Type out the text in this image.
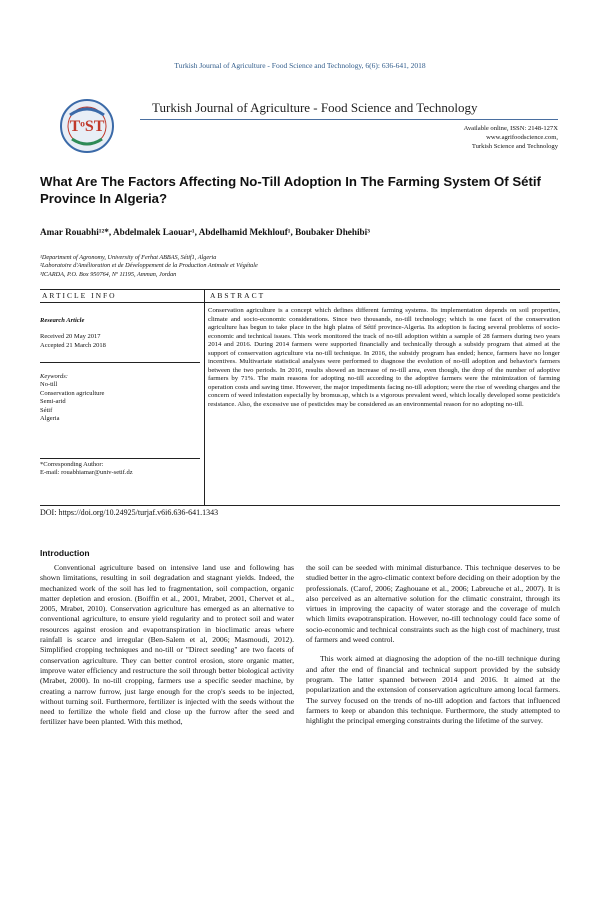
Turkish Journal of Agriculture - Food Science and Technology, 6(6): 636-641, 2018
TᵒST
Turkish Journal of Agriculture - Food Science and Technology
Available online, ISSN: 2148-127X
www.agrifoodscience.com,
Turkish Science and Technology
What Are The Factors Affecting No-Till Adoption In The Farming System Of Sétif Province In Algeria?
Amar Rouabhi¹²*, Abdelmalek Laouar¹, Abdelhamid Mekhlouf¹, Boubaker Dhehibi³
¹Department of Agronomy, University of Ferhat ABBAS, Sétif1, Algeria
²Laboratoire d'Amélioration et de Développement de la Production Animale et Végétale
³ICARDA, P.O. Box 950764, Nº 11195, Amman, Jordan
ARTICLE INFO	ABSTRACT
Research Article
Received 20 May 2017
Accepted 21 March 2018
Keywords:
No-till
Conservation agriculture
Semi-arid
Sétif
Algeria
*Corresponding Author:
E-mail: rouabhiamar@univ-setif.dz
Conservation agriculture is a concept which defines different farming systems. Its implementation depends on soil properties, climate and socio-economic considerations. Since two thousands, no-till technology; which is one facet of the conservation agriculture has begun to take place in the high plains of Sétif province-Algeria. Its adoption is facing several problems of socio-economic and technical issues. This work monitored the track of no-till adoption within a sample of 28 farmers during two years 2014 and 2016. During 2014 farmers were supported financially and technically through a subsidy program that aimed at the support of conservation agriculture via no-till technique. In 2016, the subsidy program has ended; hence, farmers have no longer incentives. Multivariate statistical analyses were performed to diagnose the evolution of no-till adoption and behavior's farmers between the two periods. In 2016, results showed an increase of no-till area, even though, the drop of the number of adoptive farmers by 71%. The main reasons for adopting no-till according to the adoptive farmers were the minimization of farming operation costs and saving time. However, the major impediments facing no-till adoption; were the rise of weeding charges and the concern of weed infestation especially by bromus.sp, which is a vigorous prevalent weed, which locally developed some pesticide's resistance. Also, the excessive use of pesticides may be considered as an environmental reason for no adopting no-till.
DOI: https://doi.org/10.24925/turjaf.v6i6.636-641.1343
Introduction

Conventional agriculture based on intensive land use and following has shown limitations, resulting in soil degradation and stagnant yields. Indeed, the mechanized work of the soil has led to fragmentation, soil compaction, organic matter depletion and erosion. (Boiffin et al., 2001, Mrabet, 2001, Chervet et al., 2005, Mrabet, 2010). Conservation agriculture has emerged as an alternative to conventional agriculture, to ensure yield regularity and to protect soil and water resources against erosion and evapotranspiration in bioclimatic areas where rainfall is scarce and irregular (Ben-Salem et al, 2006; Masmoudi, 2012). Simplified cropping techniques and no-till or "Direct seeding" are two facets of conservation agriculture. They can better control erosion, store organic matter, improve water efficiency and restructure the soil through better biological activity (Mrabet, 2000). In no-till cropping, farmers use a specific seeder machine, by creating a narrow furrow, just large enough for the crop's seeds to be injected, without turning soil. Furthermore, fertilizer is injected with the seeds without the need to fertilize the whole field and close up the furrow after the seed and fertilizer have been planted. With this method,

the soil can be seeded with minimal disturbance. This technique deserves to be studied better in the agro-climatic context before deciding on their adoption by the professionals. (Carof, 2006; Zaghouane et al., 2006; Labreuche et al., 2007). It is also perceived as an alternative solution for the climatic constraint, through its virtues in improving the capacity of water storage and the coverage of mulch which limits evapotranspiration. However, no-till technology could face some of socio-economic and technical constraints such as the high cost of machinery, trust of farmers and weed control.

This work aimed at diagnosing the adoption of the no-till technique during and after the end of financial and technical support provided by the subsidy program. The latter spanned between 2014 and 2016. It aimed at the popularization and the extension of conservation agriculture among local farmers. The survey focused on the trends of no-till adoption and factors that influenced farmers to keep or abandon this technique. Furthermore, the study attempted to highlight the principal emerging constraints during the lifetime of the survey.
